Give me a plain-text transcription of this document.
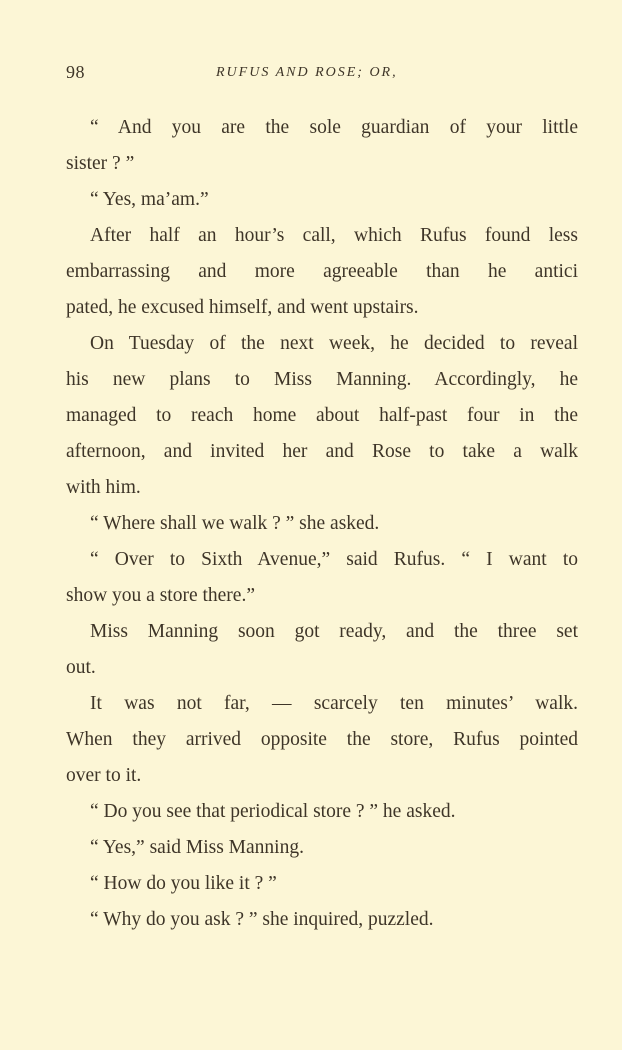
98	RUFUS AND ROSE; OR,
“ And you are the sole guardian of your little
sister ? ”
“ Yes, ma’am.”
After half an hour’s call, which Rufus found less
embarrassing and more agreeable than he antici
pated, he excused himself, and went upstairs.
On Tuesday of the next week, he decided to reveal
his new plans to Miss Manning. Accordingly, he
managed to reach home about half-past four in the
afternoon, and invited her and Rose to take a walk
with him.
“ Where shall we walk ? ” she asked.
“ Over to Sixth Avenue,” said Rufus. “ I want to
show you a store there.”
Miss Manning soon got ready, and the three set
out.
It was not far, — scarcely ten minutes’ walk.
When they arrived opposite the store, Rufus pointed
over to it.
“ Do you see that periodical store ? ” he asked.
“ Yes,” said Miss Manning.
“ How do you like it ? ”
“ Why do you ask ? ” she inquired, puzzled.
